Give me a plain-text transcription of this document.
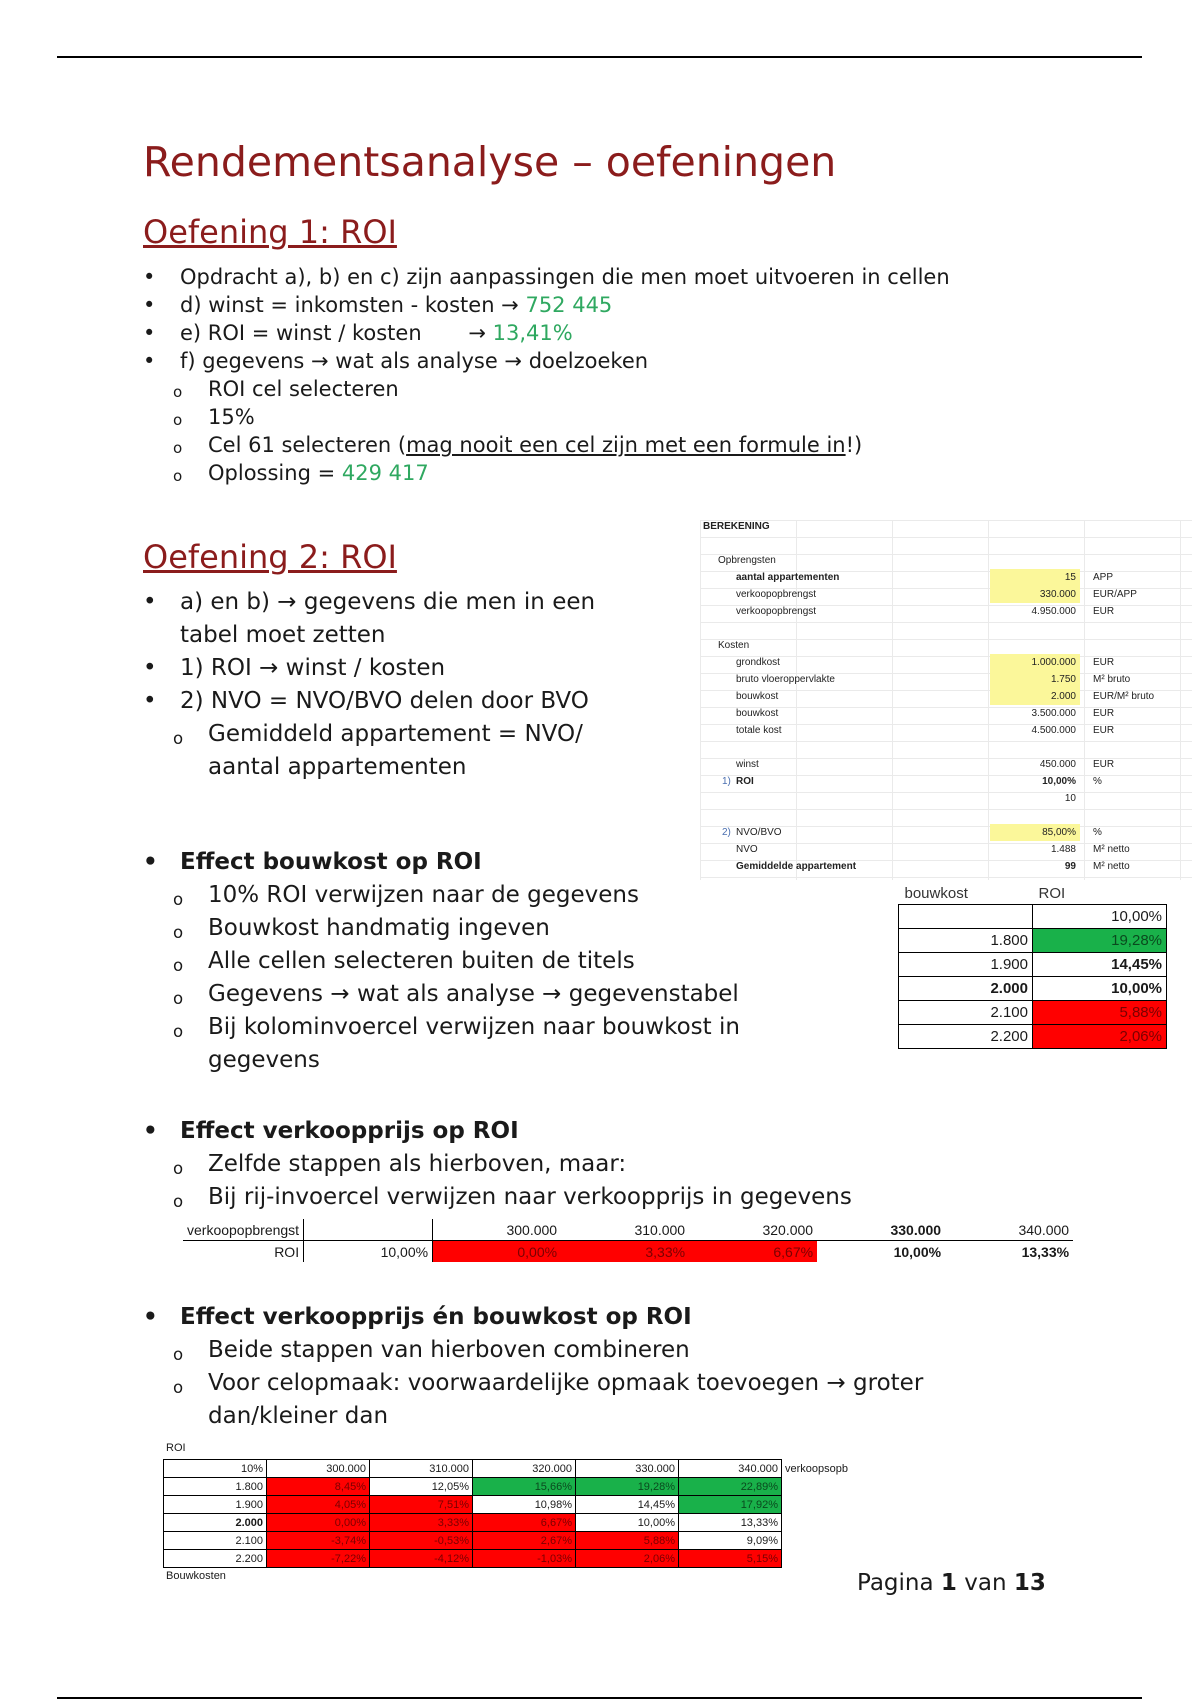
Rendementsanalyse – oefeningen
Oefening 1: ROI
• Opdracht a), b) en c) zijn aanpassingen die men moet uitvoeren in cellen
• d) winst = inkomsten - kosten → 752 445
• e) ROI = winst / kosten       → 13,41%
• f) gegevens → wat als analyse → doelzoeken
o ROI cel selecteren
o 15%
o Cel 61 selecteren (mag nooit een cel zijn met een formule in!)
o Oplossing = 429 417
Oefening 2: ROI
• a) en b) → gegevens die men in een tabel moet zetten
• 1) ROI → winst / kosten
• 2) NVO = NVO/BVO delen door BVO
o Gemiddeld appartement = NVO/ aantal appartementen
BEREKENING
Opbrengsten
aantal appartementen	15	APP
verkoopopbrengst	330.000	EUR/APP
verkoopopbrengst	4.950.000	EUR
Kosten
grondkost	1.000.000	EUR
bruto vloeroppervlakte	1.750	M² bruto
bouwkost	2.000	EUR/M² bruto
bouwkost	3.500.000	EUR
totale kost	4.500.000	EUR
winst	450.000	EUR
1) ROI	10,00%	%
10
2) NVO/BVO	85,00%	%
NVO	1.488	M² netto
Gemiddelde appartement	99	M² netto
• Effect bouwkost op ROI
o 10% ROI verwijzen naar de gegevens
o Bouwkost handmatig ingeven
o Alle cellen selecteren buiten de titels
o Gegevens → wat als analyse → gegevenstabel
o Bij kolominvoercel verwijzen naar bouwkost in gegevens
bouwkost	ROI
	10,00%
1.800	19,28%
1.900	14,45%
2.000	10,00%
2.100	5,88%
2.200	2,06%
• Effect verkoopprijs op ROI
o Zelfde stappen als hierboven, maar:
o Bij rij-invoercel verwijzen naar verkoopprijs in gegevens
verkoopopbrengst		300.000	310.000	320.000	330.000	340.000
ROI	10,00%	0,00%	3,33%	6,67%	10,00%	13,33%
• Effect verkoopprijs én bouwkost op ROI
o Beide stappen van hierboven combineren
o Voor celopmaak: voorwaardelijke opmaak toevoegen → groter dan/kleiner dan
ROI
10%	300.000	310.000	320.000	330.000	340.000	verkoopsopb
1.800	8,45%	12,05%	15,66%	19,28%	22,89%	
1.900	4,05%	7,51%	10,98%	14,45%	17,92%	
2.000	0,00%	3,33%	6,67%	10,00%	13,33%	
2.100	-3,74%	-0,53%	2,67%	5,88%	9,09%	
2.200	-7,22%	-4,12%	-1,03%	2,06%	5,15%	
Bouwkosten	Pagina 1 van 13
